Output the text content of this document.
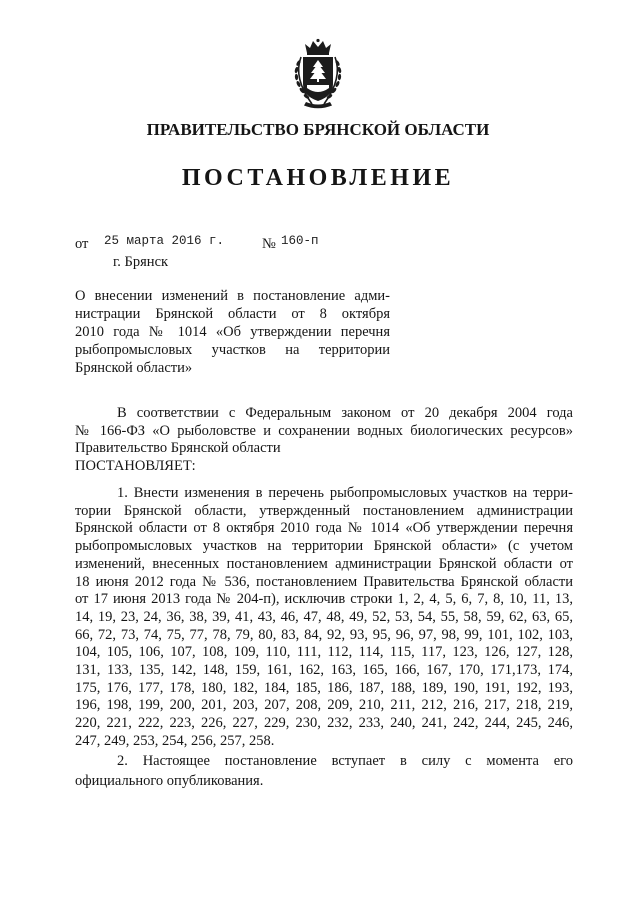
ПРАВИТЕЛЬСТВО БРЯНСКОЙ ОБЛАСТИ
ПОСТАНОВЛЕНИЕ
от 25 марта 2016 г.	№ 160-п
г. Брянск
О внесении изменений в постановление адми-
нистрации Брянской области от 8 октября
2010 года № 1014 «Об утверждении перечня
рыбопромысловых участков на территории
Брянской области»
В соответствии с Федеральным законом от 20 декабря 2004 года
№ 166-ФЗ «О рыболовстве и сохранении водных биологических ресурсов»
Правительство Брянской области
ПОСТАНОВЛЯЕТ:
1. Внести изменения в перечень рыбопромысловых участков на терри-
тории Брянской области, утвержденный постановлением администрации
Брянской области от 8 октября 2010 года № 1014 «Об утверждении перечня
рыбопромысловых участков на территории Брянской области» (с учетом
изменений, внесенных постановлением администрации Брянской области от
18 июня 2012 года № 536, постановлением Правительства Брянской области
от 17 июня 2013 года № 204-п), исключив строки 1, 2, 4, 5, 6, 7, 8, 10, 11, 13,
14, 19, 23, 24, 36, 38, 39, 41, 43, 46, 47, 48, 49, 52, 53, 54, 55, 58, 59, 62, 63, 65,
66, 72, 73, 74, 75, 77, 78, 79, 80, 83, 84, 92, 93, 95, 96, 97, 98, 99, 101, 102, 103,
104, 105, 106, 107, 108, 109, 110, 111, 112, 114, 115, 117, 123, 126, 127, 128,
131, 133, 135, 142, 148, 159, 161, 162, 163, 165, 166, 167, 170, 171,173, 174,
175, 176, 177, 178, 180, 182, 184, 185, 186, 187, 188, 189, 190, 191, 192, 193,
196, 198, 199, 200, 201, 203, 207, 208, 209, 210, 211, 212, 216, 217, 218, 219,
220, 221, 222, 223, 226, 227, 229, 230, 232, 233, 240, 241, 242, 244, 245, 246,
247, 249, 253, 254, 256, 257, 258.
2. Настоящее постановление вступает в силу с момента его
официального опубликования.
